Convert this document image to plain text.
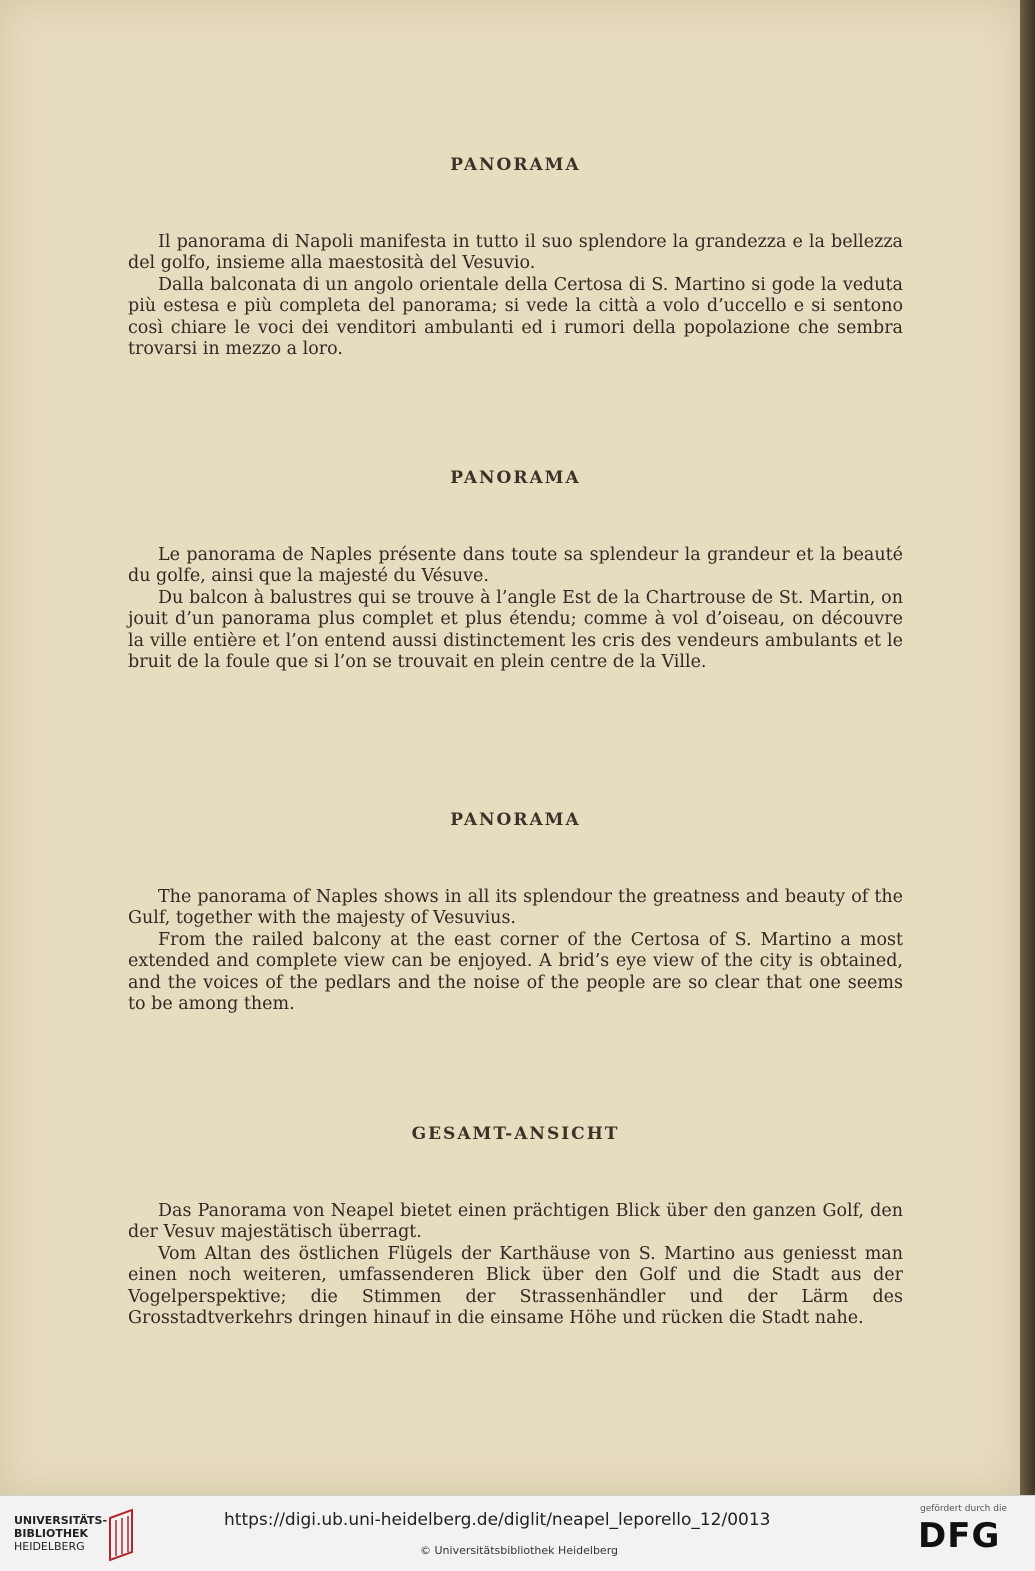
PANORAMA

Il panorama di Napoli manifesta in tutto il suo splendore la grandezza e la bellezza del golfo, insieme alla maestosità del Vesuvio.

Dalla balconata di un angolo orientale della Certosa di S. Martino si gode la veduta più estesa e più completa del panorama; si vede la città a volo d’uccello e si sentono così chiare le voci dei venditori ambulanti ed i rumori della popolazione che sembra trovarsi in mezzo a loro.

PANORAMA

Le panorama de Naples présente dans toute sa splendeur la grandeur et la beauté du golfe, ainsi que la majesté du Vésuve.

Du balcon à balustres qui se trouve à l’angle Est de la Chartrouse de St. Martin, on jouit d’un panorama plus complet et plus étendu; comme à vol d’oiseau, on découvre la ville entière et l’on entend aussi distinctement les cris des vendeurs ambulants et le bruit de la foule que si l’on se trouvait en plein centre de la Ville.

PANORAMA

The panorama of Naples shows in all its splendour the greatness and beauty of the Gulf, together with the majesty of Vesuvius.

From the railed balcony at the east corner of the Certosa of S. Martino a most extended and complete view can be enjoyed. A brid’s eye view of the city is obtained, and the voices of the pedlars and the noise of the people are so clear that one seems to be among them.

GESAMT-ANSICHT

Das Panorama von Neapel bietet einen prächtigen Blick über den ganzen Golf, den der Vesuv majestätisch überragt.

Vom Altan des östlichen Flügels der Karthäuse von S. Martino aus geniesst man einen noch weiteren, umfassenderen Blick über den Golf und die Stadt aus der Vogelperspektive; die Stimmen der Strassenhändler und der Lärm des Grosstadtverkehrs dringen hinauf in die einsame Höhe und rücken die Stadt nahe.

UNIVERSITÄTS-
BIBLIOTHEK
HEIDELBERG
https://digi.ub.uni-heidelberg.de/diglit/neapel_leporello_12/0013
© Universitätsbibliothek Heidelberg
gefördert durch die
DFG
